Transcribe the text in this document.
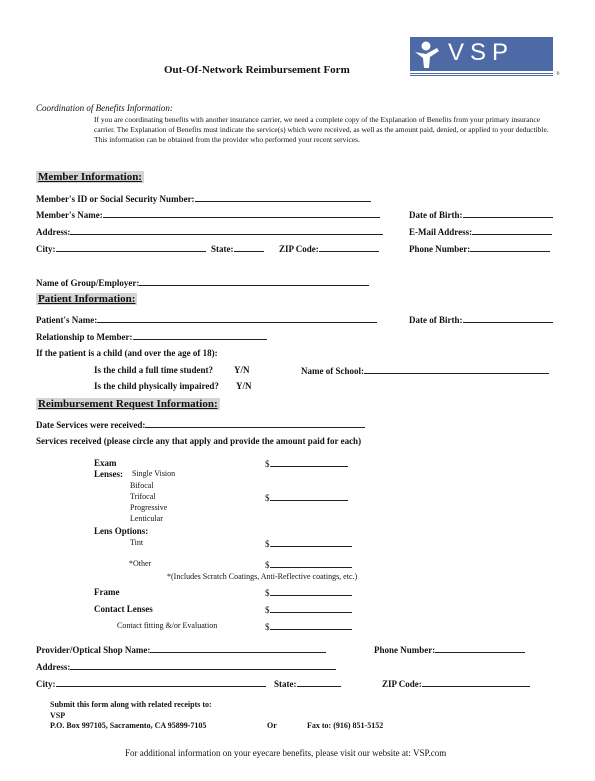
Out-Of-Network Reimbursement Form
VSP
®
Coordination of Benefits Information:
If you are coordinating benefits with another insurance carrier, we need a complete copy of the Explanation of Benefits from your primary insurance carrier. The Explanation of Benefits must indicate the service(s) which were received, as well as the amount paid, denied, or applied to your deductible. This information can be obtained from the provider who performed your recent services.
Member Information:
Member's ID or Social Security Number:
Member's Name:	Date of Birth:
Address:	E-Mail Address:
City:	State:	ZIP Code:	Phone Number:
Name of Group/Employer:
Patient Information:
Patient's Name:	Date of Birth:
Relationship to Member:
If the patient is a child (and over the age of 18):
Is the child a full time student? Y/N	Name of School:
Is the child physically impaired? Y/N
Reimbursement Request Information:
Date Services were received:
Services received (please circle any that apply and provide the amount paid for each)
Exam	$
Lenses: Single Vision
Bifocal
Trifocal	$
Progressive
Lenticular
Lens Options:
Tint	$
*Other	$
*(Includes Scratch Coatings, Anti-Reflective coatings, etc.)
Frame	$
Contact Lenses	$
Contact fitting &/or Evaluation	$
Provider/Optical Shop Name:	Phone Number:
Address:
City:	State:	ZIP Code:
Submit this form along with related receipts to:
VSP
P.O. Box 997105, Sacramento, CA 95899-7105	Or	Fax to: (916) 851-5152
For additional information on your eyecare benefits, please visit our website at: VSP.com
